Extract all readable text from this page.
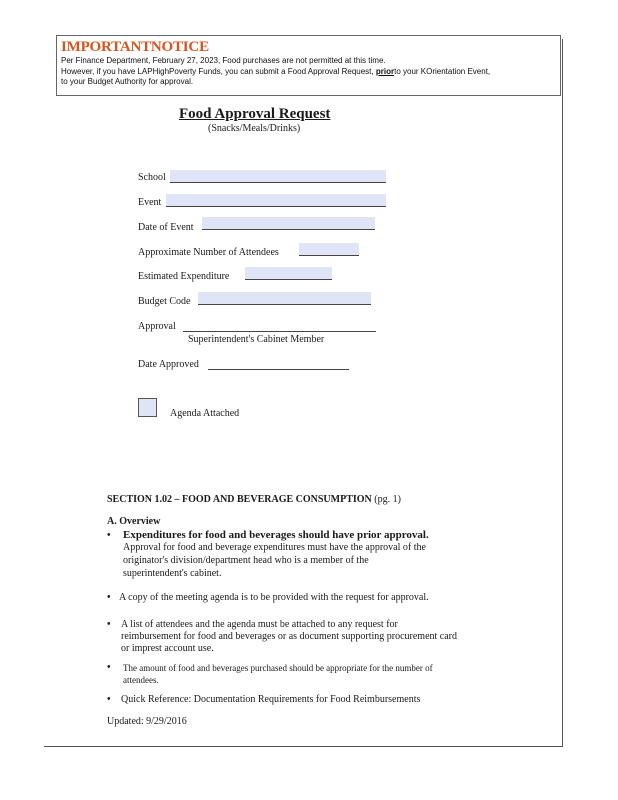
IMPORTANTNOTICE
Per Finance Department, February 27, 2023, Food purchases are not permitted at this time.
However, if you have LAPHighPoverty Funds, you can submit a Food Approval Request, priorto your KOrientation Event,
to your Budget Authority for approval.
Food Approval Request
(Snacks/Meals/Drinks)
School
Event
Date of Event
Approximate Number of Attendees
Estimated Expenditure
Budget Code
Approval
Superintendent's Cabinet Member
Date Approved
Agenda Attached
SECTION 1.02 – FOOD AND BEVERAGE CONSUMPTION (pg. 1)
A. Overview
• Expenditures for food and beverages should have prior approval.
Approval for food and beverage expenditures must have the approval of the
originator's division/department head who is a member of the
superintendent's cabinet.
• A copy of the meeting agenda is to be provided with the request for approval.
• A list of attendees and the agenda must be attached to any request for
reimbursement for food and beverages or as document supporting procurement card
or imprest account use.
• The amount of food and beverages purchased should be appropriate for the number of
attendees.
• Quick Reference: Documentation Requirements for Food Reimbursements
Updated: 9/29/2016
